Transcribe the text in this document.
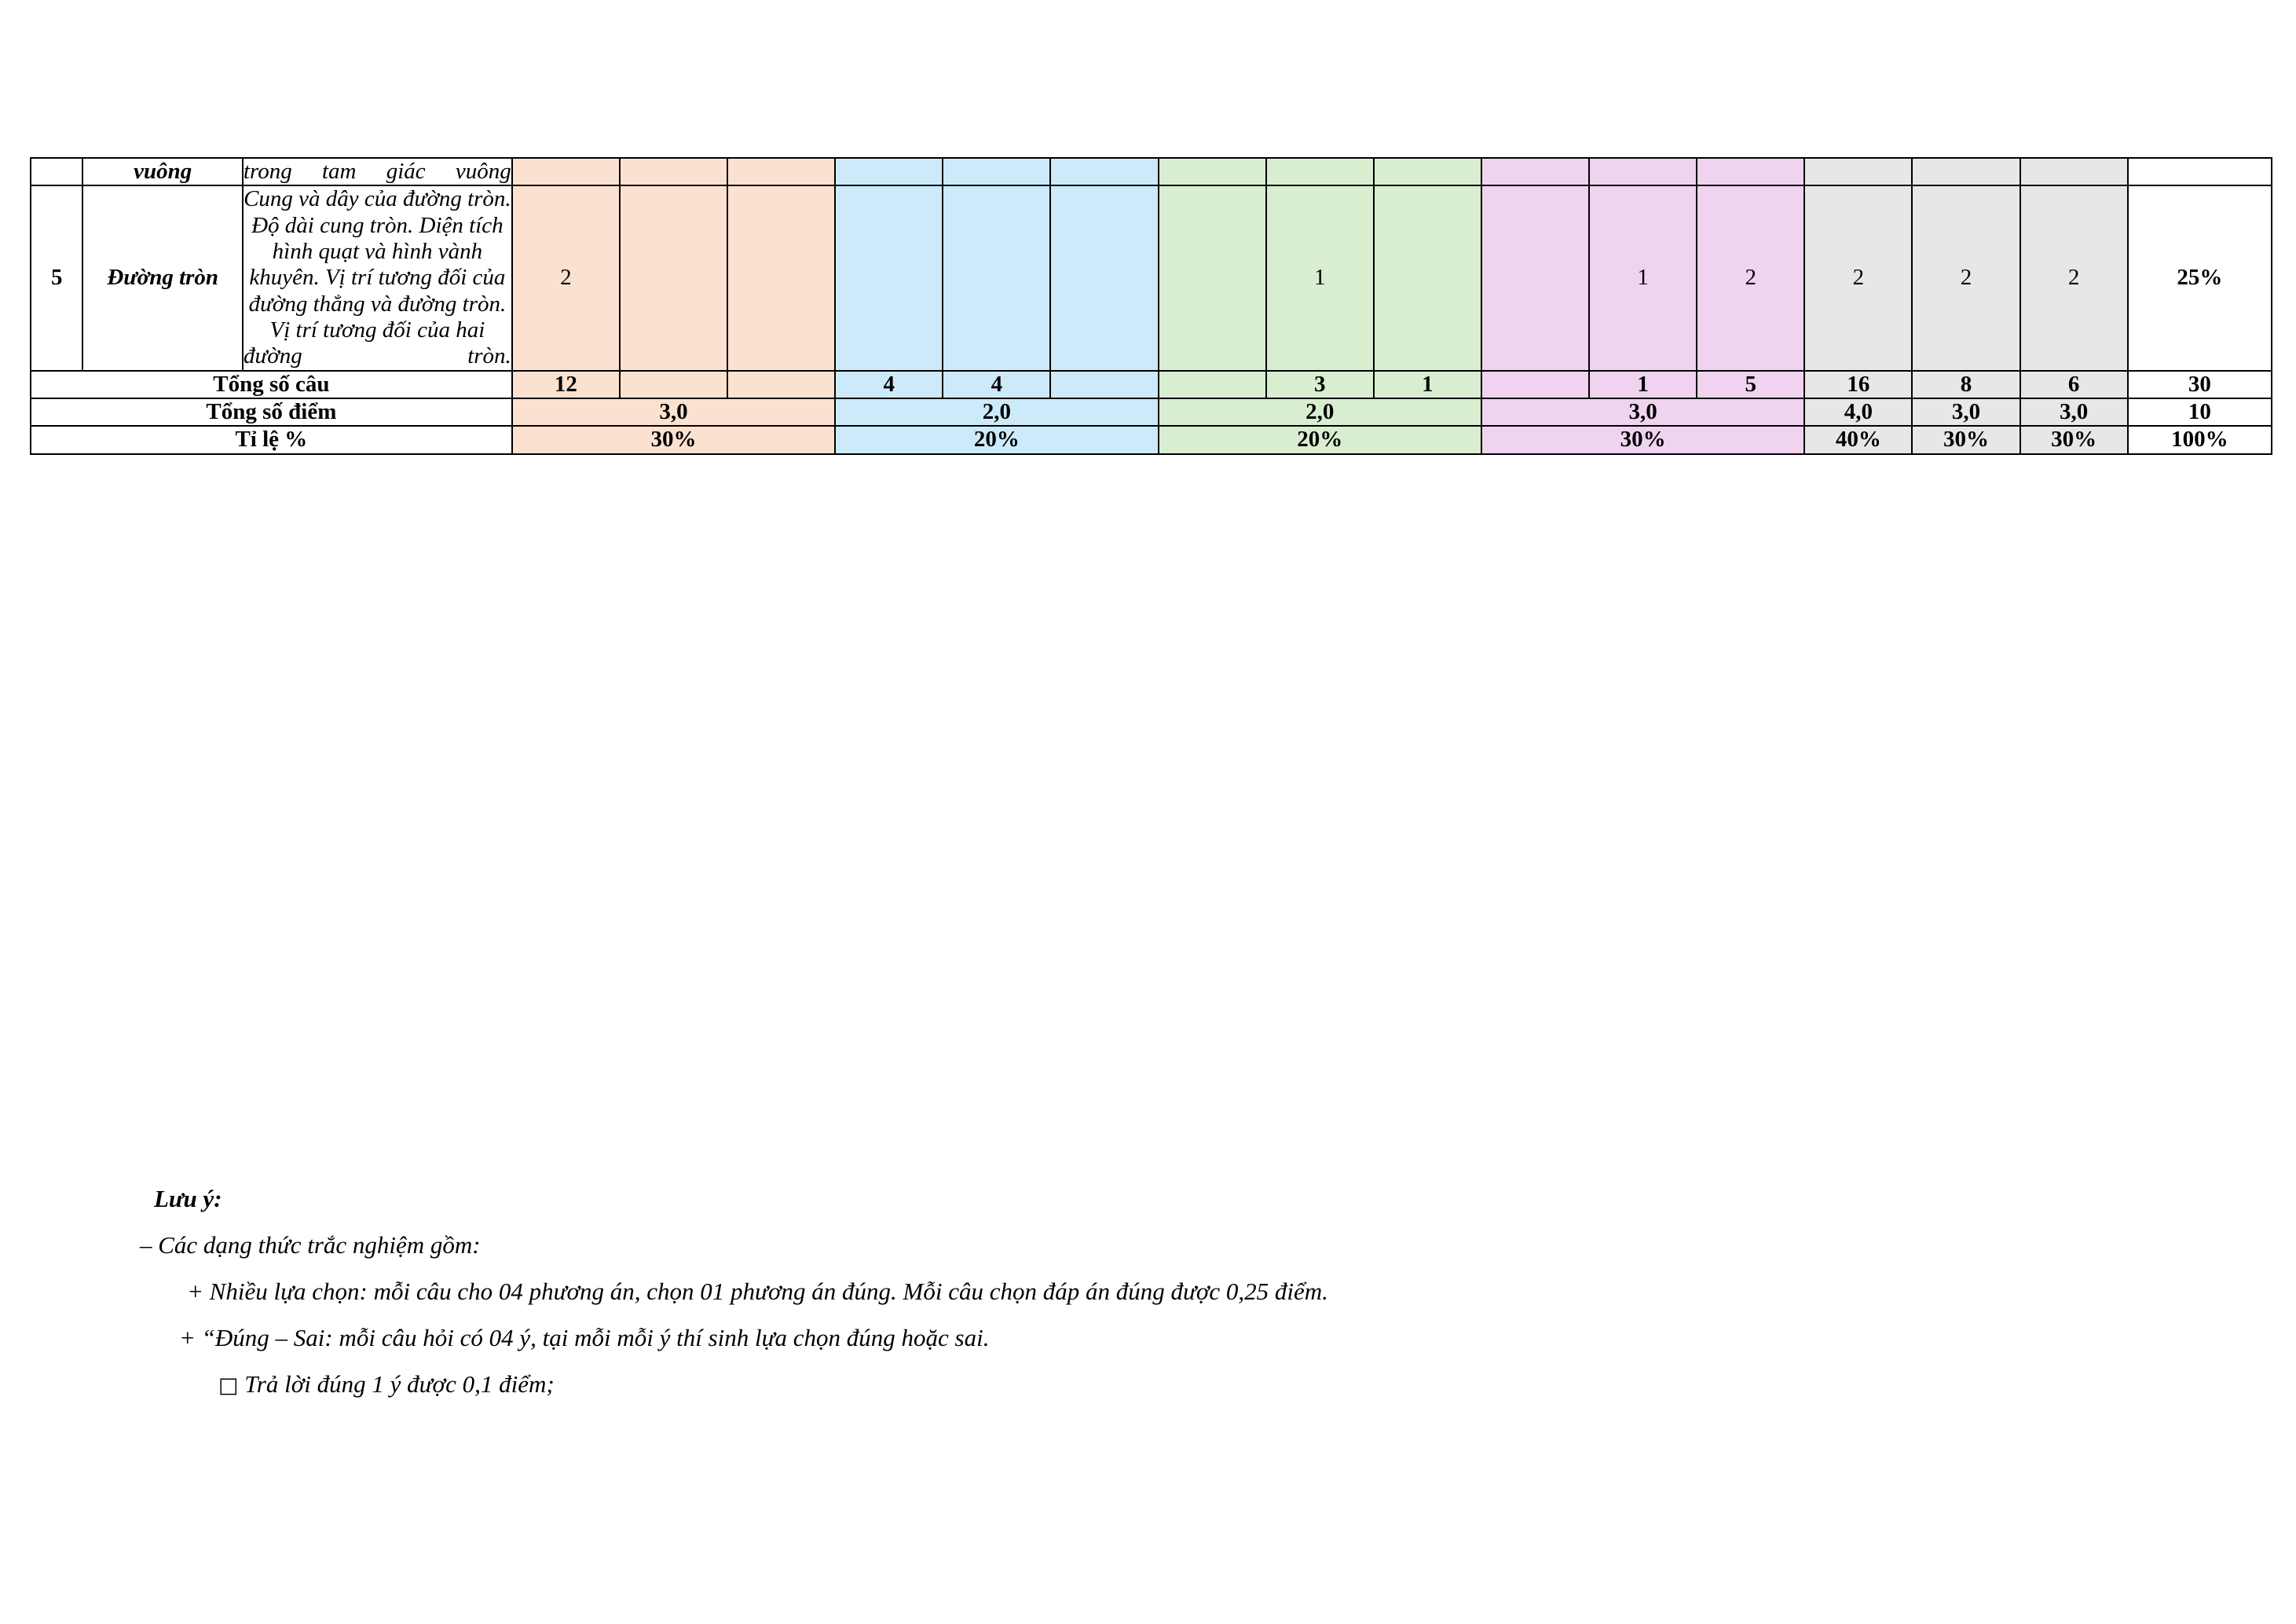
	vuông	trong tam giác vuông																
5	Đường tròn	Cung và dây của đường tròn. Độ dài cung tròn. Diện tích hình quạt và hình vành khuyên. Vị trí tương đối của đường thẳng và đường tròn. Vị trí tương đối của hai đường tròn.	2							1			1	2	2	2	2	25%
Tổng số câu			12			4	4			3	1		1	5	16	8	6	30
Tổng số điểm			3,0			2,0			2,0			3,0			4,0	3,0	3,0	10
Tỉ lệ %			30%			20%			20%			30%			40%	30%	30%	100%

Lưu ý:

– Các dạng thức trắc nghiệm gồm:

+ Nhiều lựa chọn: mỗi câu cho 04 phương án, chọn 01 phương án đúng. Mỗi câu chọn đáp án đúng được 0,25 điểm.

+ “Đúng – Sai: mỗi câu hỏi có 04 ý, tại mỗi mỗi ý thí sinh lựa chọn đúng hoặc sai.

□ Trả lời đúng 1 ý được 0,1 điểm;
